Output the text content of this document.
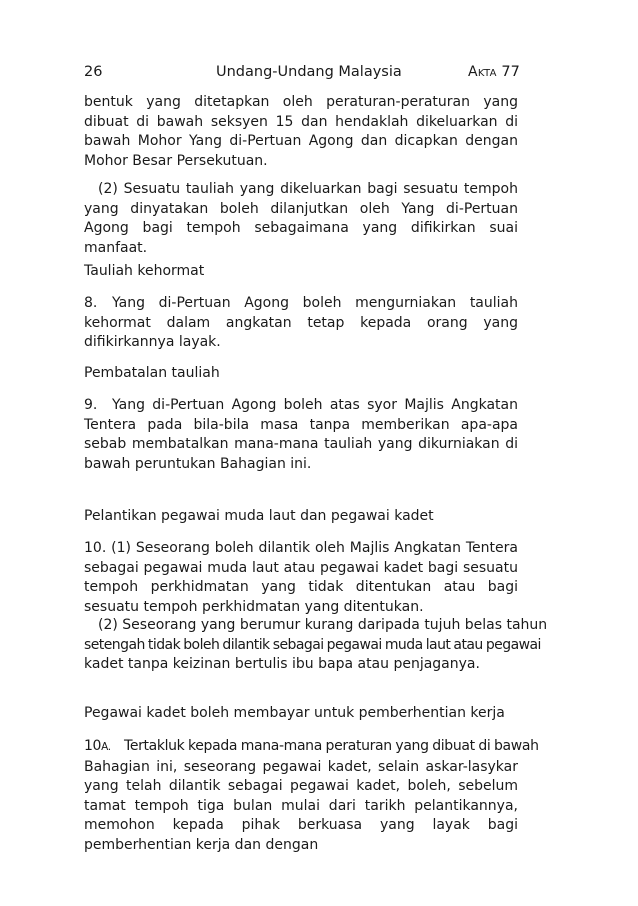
26	Undang-Undang Malaysia	Akta 77
bentuk yang ditetapkan oleh peraturan-peraturan yang dibuat di bawah seksyen 15 dan hendaklah dikeluarkan di bawah Mohor Yang di-Pertuan Agong dan dicapkan dengan Mohor Besar Persekutuan.
(2) Sesuatu tauliah yang dikeluarkan bagi sesuatu tempoh yang dinyatakan boleh dilanjutkan oleh Yang di-Pertuan Agong bagi tempoh sebagaimana yang difikirkan suai manfaat.
Tauliah kehormat
8. Yang di-Pertuan Agong boleh mengurniakan tauliah kehormat dalam angkatan tetap kepada orang yang difikirkannya layak.
Pembatalan tauliah
9. Yang di-Pertuan Agong boleh atas syor Majlis Angkatan Tentera pada bila-bila masa tanpa memberikan apa-apa sebab membatalkan mana-mana tauliah yang dikurniakan di bawah peruntukan Bahagian ini.
Pelantikan pegawai muda laut dan pegawai kadet
10. (1) Seseorang boleh dilantik oleh Majlis Angkatan Tentera sebagai pegawai muda laut atau pegawai kadet bagi sesuatu tempoh perkhidmatan yang tidak ditentukan atau bagi sesuatu tempoh perkhidmatan yang ditentukan.
(2) Seseorang yang berumur kurang daripada tujuh belas tahun
setengah tidak boleh dilantik sebagai pegawai muda laut atau pegawai
kadet tanpa keizinan bertulis ibu bapa atau penjaganya.
Pegawai kadet boleh membayar untuk pemberhentian kerja
10A. Tertakluk kepada mana-mana peraturan yang dibuat di bawah
Bahagian ini, seseorang pegawai kadet, selain askar-lasykar yang telah dilantik sebagai pegawai kadet, boleh, sebelum tamat tempoh tiga bulan mulai dari tarikh pelantikannya, memohon kepada pihak berkuasa yang layak bagi pemberhentian kerja dan dengan
